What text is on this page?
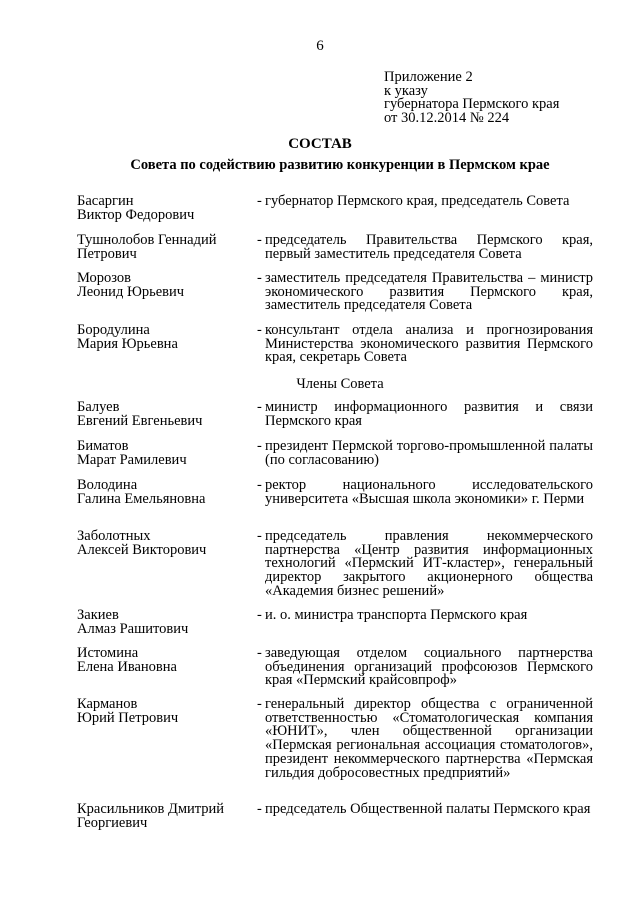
6
Приложение 2
к указу
губернатора Пермского края
от 30.12.2014 № 224
СОСТАВ
Совета по содействию развитию конкуренции в Пермском крае
Басаргин
Виктор Федорович
- губернатор Пермского края, председатель Совета
Тушнолобов Геннадий
Петрович
- председатель Правительства Пермского края, первый заместитель председателя Совета
Морозов
Леонид Юрьевич
- заместитель председателя Правительства – министр экономического развития Пермского края, заместитель председателя Совета
Бородулина
Мария Юрьевна
- консультант отдела анализа и прогнозирования Министерства экономического развития Пермского края, секретарь Совета
Члены Совета
Балуев
Евгений Евгеньевич
- министр информационного развития и связи Пермского края
Биматов
Марат Рамилевич
- президент Пермской торгово-промышленной палаты (по согласованию)
Володина
Галина Емельяновна
- ректор национального исследовательского университета «Высшая школа экономики» г. Перми
Заболотных
Алексей Викторович
- председатель правления некоммерческого партнерства «Центр развития информационных технологий «Пермский ИТ-кластер», генеральный директор закрытого акционерного общества «Академия бизнес решений»
Закиев
Алмаз Рашитович
- и. о. министра транспорта Пермского края
Истомина
Елена Ивановна
- заведующая отделом социального партнерства объединения организаций профсоюзов Пермского края «Пермский крайсовпроф»
Карманов
Юрий Петрович
- генеральный директор общества с ограниченной ответственностью «Стоматологическая компания «ЮНИТ», член общественной организации «Пермская региональная ассоциация стоматологов», президент некоммерческого партнерства «Пермская гильдия добросовестных предприятий»
Красильников Дмитрий
Георгиевич
- председатель Общественной палаты Пермского края
